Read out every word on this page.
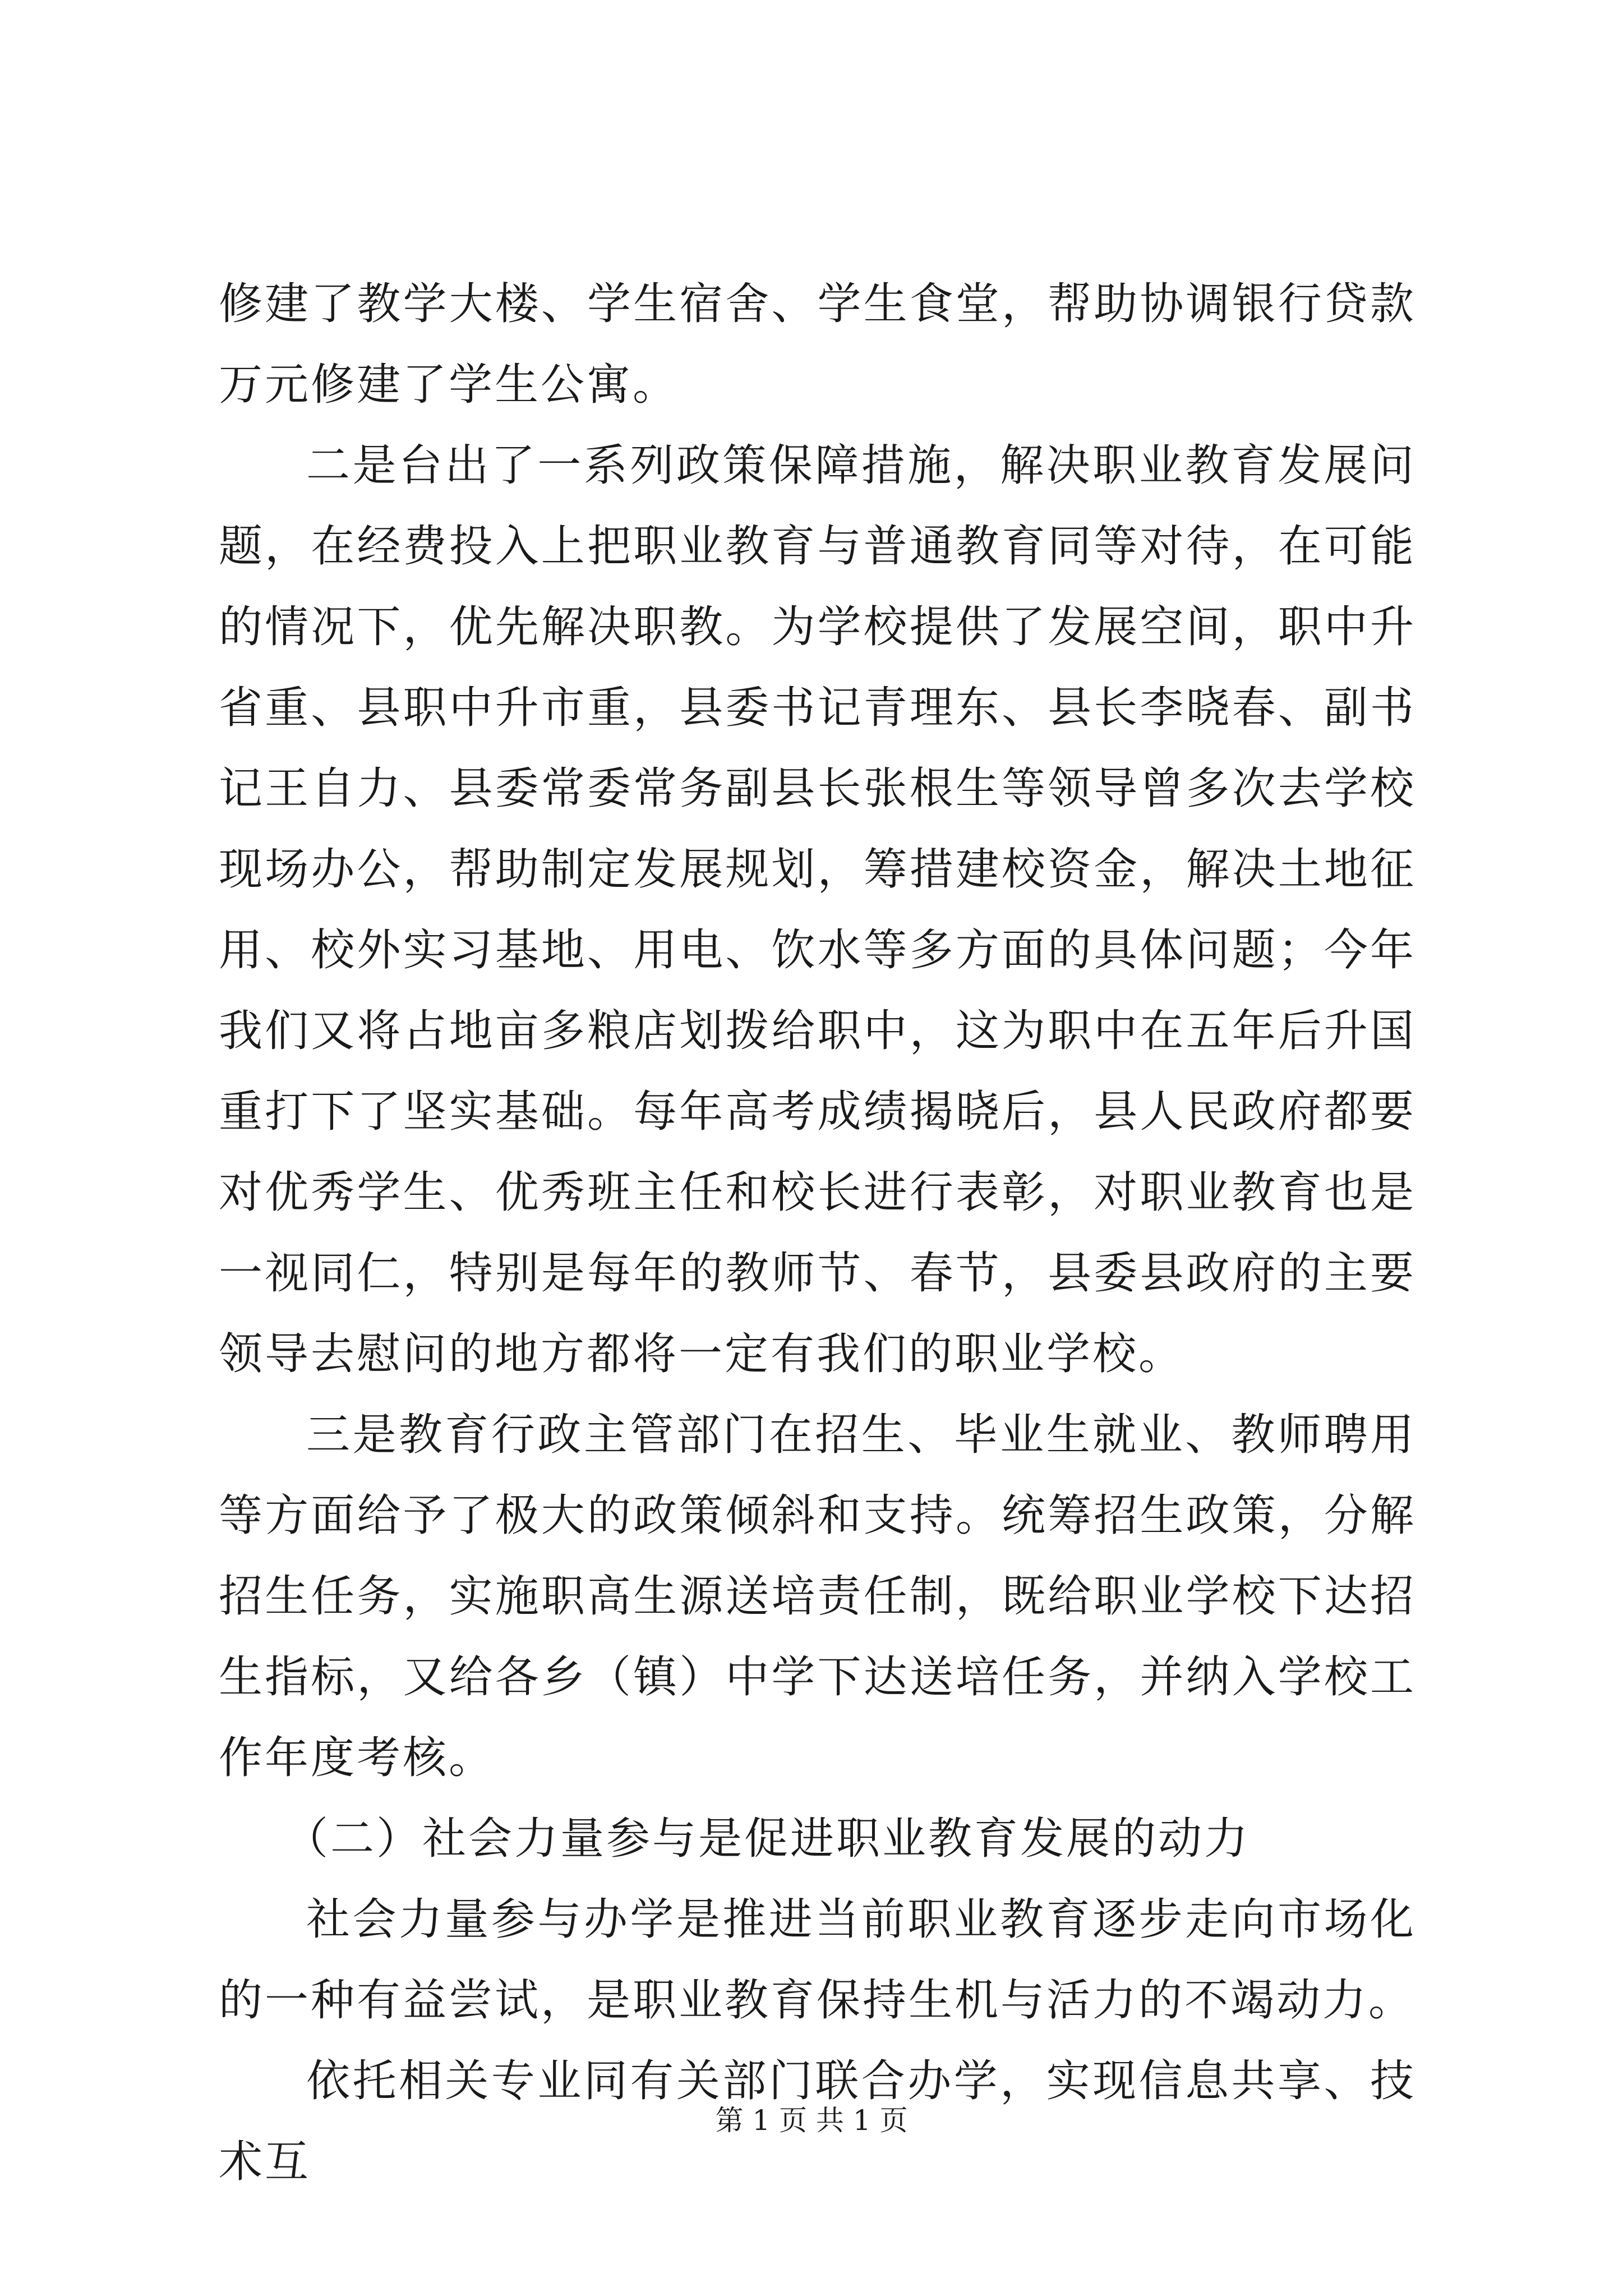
修建了教学大楼、学生宿舍、学生食堂，帮助协调银行贷款万元修建了学生公寓。

二是台出了一系列政策保障措施，解决职业教育发展问题，在经费投入上把职业教育与普通教育同等对待，在可能的情况下，优先解决职教。为学校提供了发展空间，职中升省重、县职中升市重，县委书记青理东、县长李晓春、副书记王自力、县委常委常务副县长张根生等领导曾多次去学校现场办公，帮助制定发展规划，筹措建校资金，解决土地征用、校外实习基地、用电、饮水等多方面的具体问题；今年我们又将占地亩多粮店划拨给职中，这为职中在五年后升国重打下了坚实基础。每年高考成绩揭晓后，县人民政府都要对优秀学生、优秀班主任和校长进行表彰，对职业教育也是一视同仁，特别是每年的教师节、春节，县委县政府的主要领导去慰问的地方都将一定有我们的职业学校。

三是教育行政主管部门在招生、毕业生就业、教师聘用等方面给予了极大的政策倾斜和支持。统筹招生政策，分解招生任务，实施职高生源送培责任制，既给职业学校下达招生指标，又给各乡（镇）中学下达送培任务，并纳入学校工作年度考核。

（二）社会力量参与是促进职业教育发展的动力

社会力量参与办学是推进当前职业教育逐步走向市场化的一种有益尝试，是职业教育保持生机与活力的不竭动力。

依托相关专业同有关部门联合办学，实现信息共享、技术互

第 1 页 共 1 页
